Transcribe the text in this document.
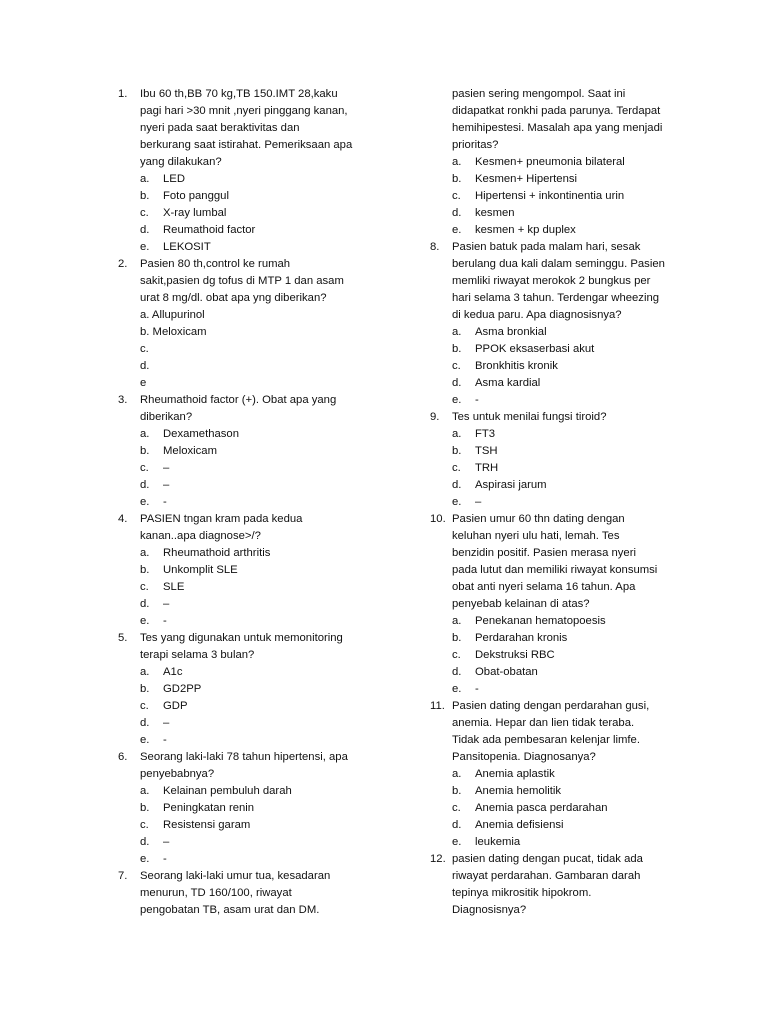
1. Ibu 60 th,BB 70 kg,TB 150.IMT 28,kaku
pagi hari >30 mnit ,nyeri pinggang kanan,
nyeri pada saat beraktivitas dan
berkurang saat istirahat. Pemeriksaan apa
yang dilakukan?
a. LED
b. Foto panggul
c. X-ray lumbal
d. Reumathoid factor
e. LEKOSIT
2. Pasien 80 th,control ke rumah
sakit,pasien dg tofus di MTP 1 dan asam
urat 8 mg/dl. obat apa yng diberikan?
a. Allupurinol
b. Meloxicam
c.
d.
e
3. Rheumathoid factor (+). Obat apa yang
diberikan?
a. Dexamethason
b. Meloxicam
c. –
d. –
e. -
4. PASIEN tngan kram pada kedua
kanan..apa diagnose>/?
a. Rheumathoid arthritis
b. Unkomplit SLE
c. SLE
d. –
e. -
5. Tes yang digunakan untuk memonitoring
terapi selama 3 bulan?
a. A1c
b. GD2PP
c. GDP
d. –
e. -
6. Seorang laki-laki 78 tahun hipertensi, apa
penyebabnya?
a. Kelainan pembuluh darah
b. Peningkatan renin
c. Resistensi garam
d. –
e. -
7. Seorang laki-laki umur tua, kesadaran
menurun, TD 160/100, riwayat
pengobatan TB, asam urat dan DM.
pasien sering mengompol. Saat ini
didapatkat ronkhi pada parunya. Terdapat
hemihipestesi. Masalah apa yang menjadi
prioritas?
a. Kesmen+ pneumonia bilateral
b. Kesmen+ Hipertensi
c. Hipertensi + inkontinentia urin
d. kesmen
e. kesmen + kp duplex
8. Pasien batuk pada malam hari, sesak
berulang dua kali dalam seminggu. Pasien
memliki riwayat merokok 2 bungkus per
hari selama 3 tahun. Terdengar wheezing
di kedua paru. Apa diagnosisnya?
a. Asma bronkial
b. PPOK eksaserbasi akut
c. Bronkhitis kronik
d. Asma kardial
e. -
9. Tes untuk menilai fungsi tiroid?
a. FT3
b. TSH
c. TRH
d. Aspirasi jarum
e. –
10. Pasien umur 60 thn dating dengan
keluhan nyeri ulu hati, lemah. Tes
benzidin positif. Pasien merasa nyeri
pada lutut dan memiliki riwayat konsumsi
obat anti nyeri selama 16 tahun. Apa
penyebab kelainan di atas?
a. Penekanan hematopoesis
b. Perdarahan kronis
c. Dekstruksi RBC
d. Obat-obatan
e. -
11. Pasien dating dengan perdarahan gusi,
anemia. Hepar dan lien tidak teraba.
Tidak ada pembesaran kelenjar limfe.
Pansitopenia. Diagnosanya?
a. Anemia aplastik
b. Anemia hemolitik
c. Anemia pasca perdarahan
d. Anemia defisiensi
e. leukemia
12. pasien dating dengan pucat, tidak ada
riwayat perdarahan. Gambaran darah
tepinya mikrositik hipokrom.
Diagnosisnya?
